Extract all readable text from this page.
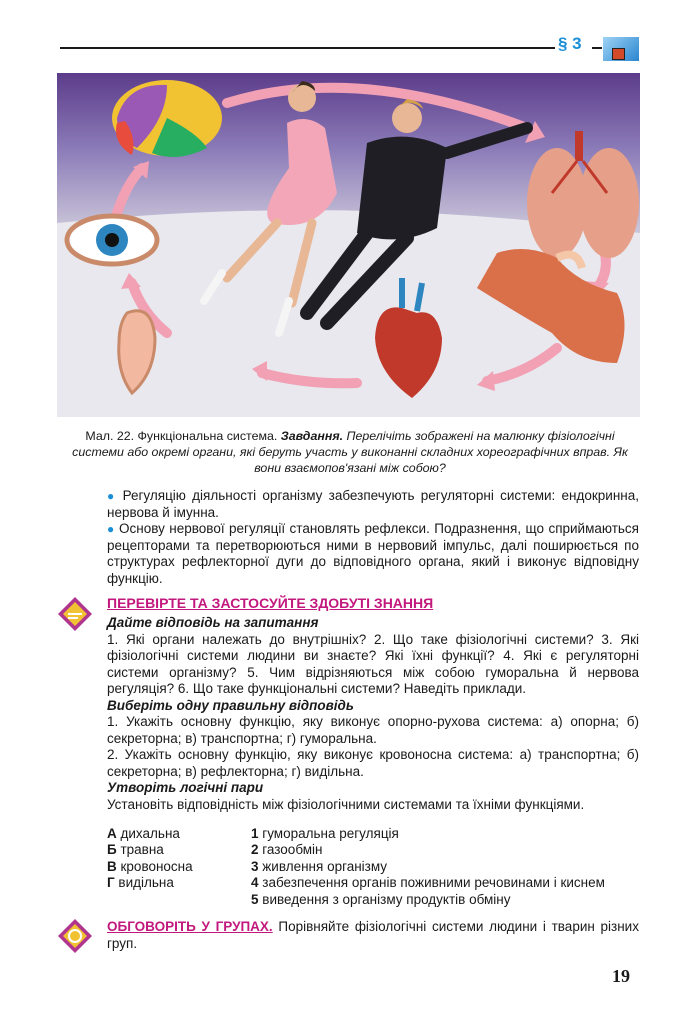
§ 3
Мал. 22. Функціональна система. Завдання. Перелічіть зображені на малюнку фізіологічні системи або окремі органи, які беруть участь у виконанні складних хореографічних вправ. Як вони взаємопов'язані між собою?

● Регуляцію діяльності організму забезпечують регуляторні системи: ендокринна, нервова й імунна.

● Основу нервової регуляції становлять рефлекси. Подразнення, що сприймаються рецепторами та перетворюються ними в нервовий імпульс, далі поширюється по структурах рефлекторної дуги до відповідного органа, який і виконує відповідну функцію.

ПЕРЕВІРТЕ ТА ЗАСТОСУЙТЕ ЗДОБУТІ ЗНАННЯ

Дайте відповідь на запитання

1. Які органи належать до внутрішніх? 2. Що таке фізіологічні системи? 3. Які фізіологічні системи людини ви знаєте? Які їхні функції? 4. Які є регуляторні системи організму? 5. Чим відрізняються між собою гуморальна й нервова регуляція? 6. Що таке функціональні системи? Наведіть приклади.

Виберіть одну правильну відповідь

1. Укажіть основну функцію, яку виконує опорно-рухова система: а) опорна; б) секреторна; в) транспортна; г) гуморальна.

2. Укажіть основну функцію, яку виконує кровоносна система: а) транспортна; б) секреторна; в) рефлекторна; г) видільна.

Утворіть логічні пари

Установіть відповідність між фізіологічними системами та їхніми функціями.

А дихальна	1 гуморальна регуляція
Б травна	2 газообмін
В кровоносна	3 живлення організму
Г видільна	4 забезпечення органів поживними речовинами і киснем
5 виведення з організму продуктів обміну
ОБГОВОРІТЬ У ГРУПАХ. Порівняйте фізіологічні системи людини і тварин різних груп.
19
